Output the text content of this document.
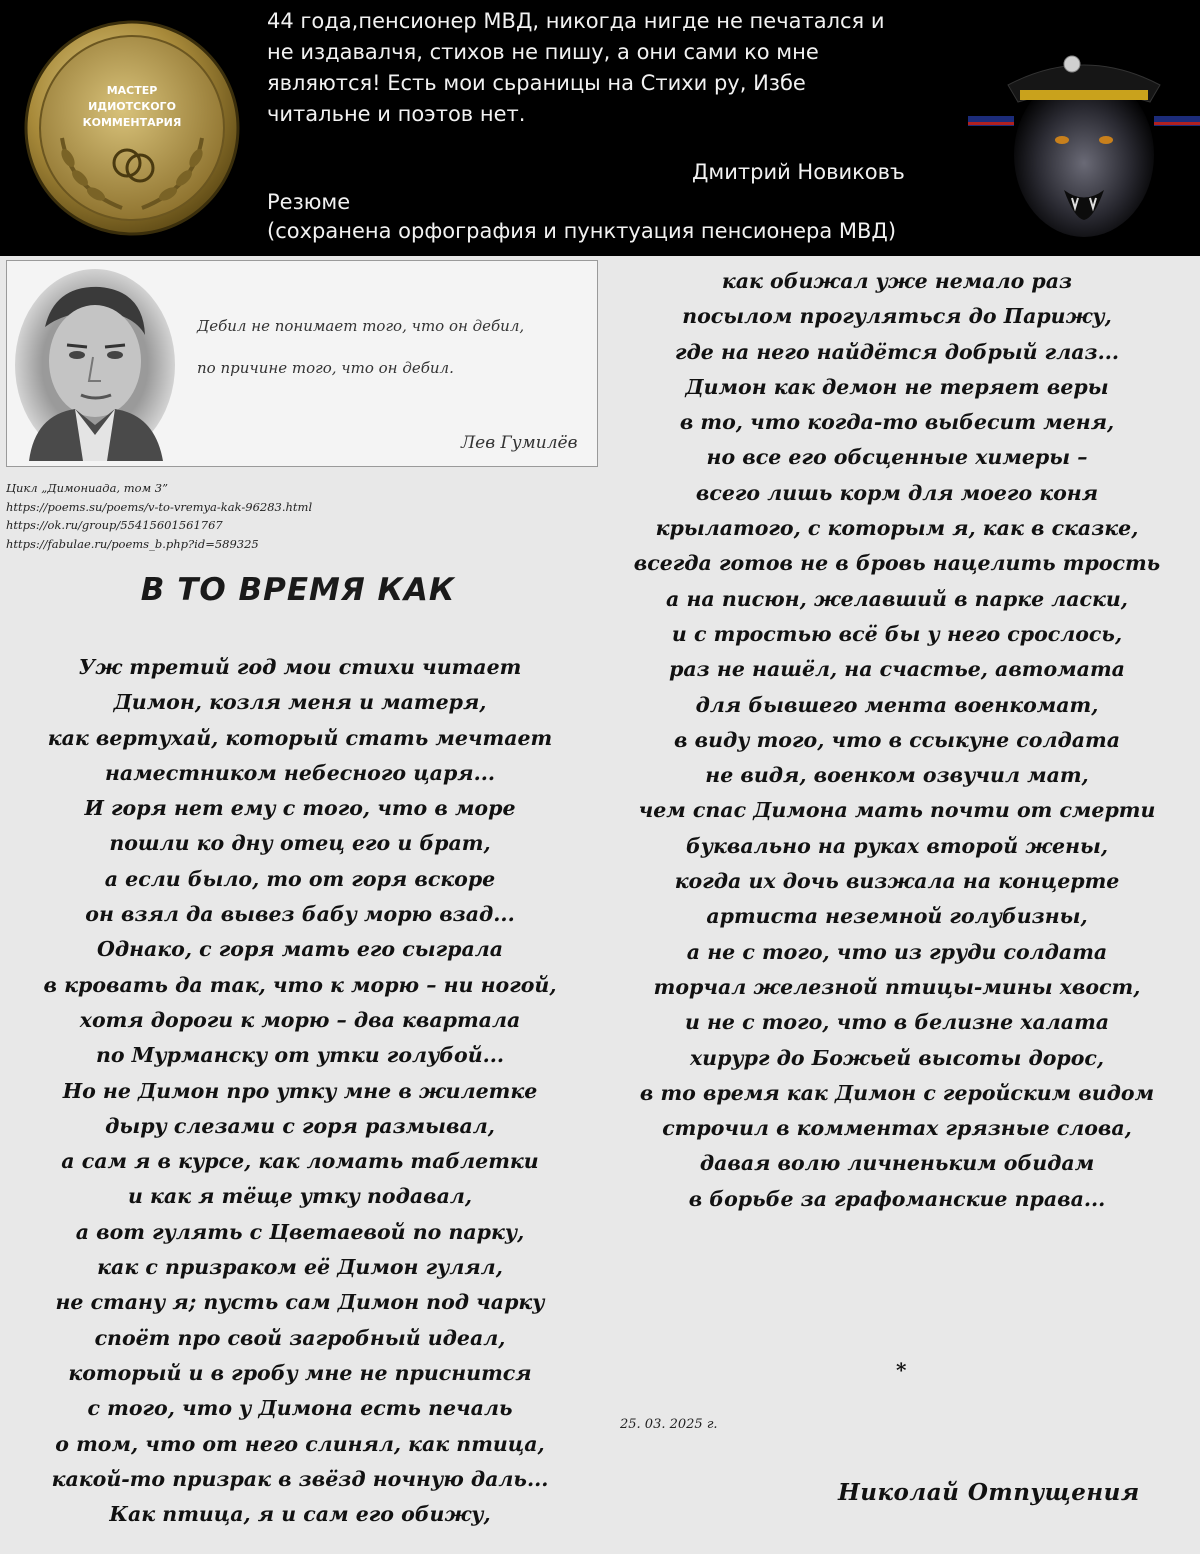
МАСТЕР
ИДИОТСКОГО
КОММЕНТАРИЯ
44 года,пенсионер МВД, никогда нигде не печатался и
не издавалчя, стихов не пишу, а они сами ко мне
являются! Есть мои сьраницы на Стихи ру, Избе
читальне и поэтов нет.
Дмитрий Новиковъ
Резюме
(сохранена орфография и пунктуация пенсионера МВД)
Дебил не понимает того, что он дебил,
по причине того, что он дебил.
Лев Гумилёв
Цикл „Димониада, том 3”
https://poems.su/poems/v-to-vremya-kak-96283.html
https://ok.ru/group/55415601561767
https://fabulae.ru/poems_b.php?id=589325
В ТО ВРЕМЯ КАК
Уж третий год мои стихи читает
Димон, козля меня и матеря,
как вертухай, который стать мечтает
наместником небесного царя...
И горя нет ему с того, что в море
пошли ко дну отец его и брат,
а если было, то от горя вскоре
он взял да вывез бабу морю взад...
Однако, с горя мать его сыграла
в кровать да так, что к морю – ни ногой,
хотя дороги к морю – два квартала
по Мурманску от утки голубой...
Но не Димон про утку мне в жилетке
дыру слезами с горя размывал,
а сам я в курсе, как ломать таблетки
и как я тёще утку подавал,
а вот гулять с Цветаевой по парку,
как с призраком её Димон гулял,
не стану я; пусть сам Димон под чарку
споёт про свой загробный идеал,
который и в гробу мне не приснится
с того, что у Димона есть печаль
о том, что от него слинял, как птица,
какой-то призрак в звёзд ночную даль...
Как птица, я и сам его обижу,
как обижал уже немало раз
посылом прогуляться до Парижу,
где на него найдётся добрый глаз...
Димон как демон не теряет веры
в то, что когда-то выбесит меня,
но все его обсценные химеры –
всего лишь корм для моего коня
крылатого, с которым я, как в сказке,
всегда готов не в бровь нацелить трость
а на писюн, желавший в парке ласки,
и с тростью всё бы у него срослось,
раз не нашёл, на счастье, автомата
для бывшего мента военкомат,
в виду того, что в ссыкуне солдата
не видя, военком озвучил мат,
чем спас Димона мать почти от смерти
буквально на руках второй жены,
когда их дочь визжала на концерте
артиста неземной голубизны,
а не с того, что из груди солдата
торчал железной птицы-мины хвост,
и не с того, что в белизне халата
хирург до Божьей высоты дорос,
в то время как Димон с геройским видом
строчил в комментах грязные слова,
давая волю личненьким обидам
в борьбе за графоманские права...
*
25. 03. 2025 г.
Николай Отпущения
